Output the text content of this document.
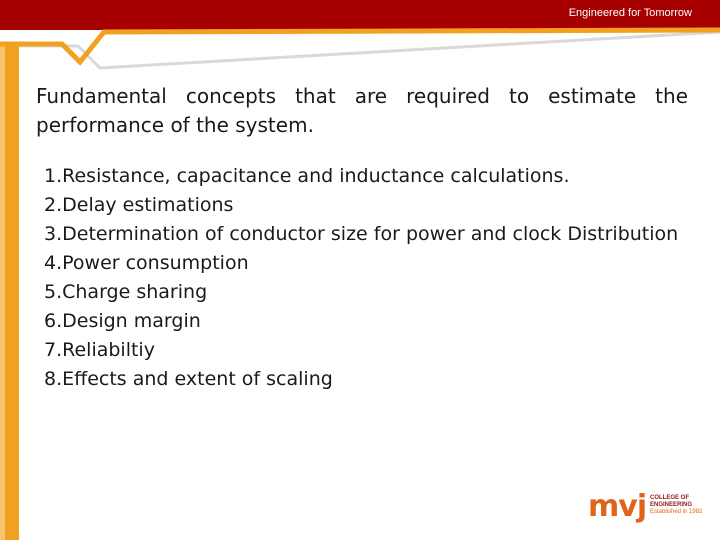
Engineered for Tomorrow

Fundamental concepts that are required to estimate the performance of the system.

1.Resistance, capacitance and inductance calculations.
2.Delay estimations
3.Determination of conductor size for power and clock Distribution
4.Power consumption
5.Charge sharing
6.Design margin
7.Reliabiltiy
8.Effects and extent of scaling
mvj COLLEGE OF
ENGINEERING
Established in 1982
